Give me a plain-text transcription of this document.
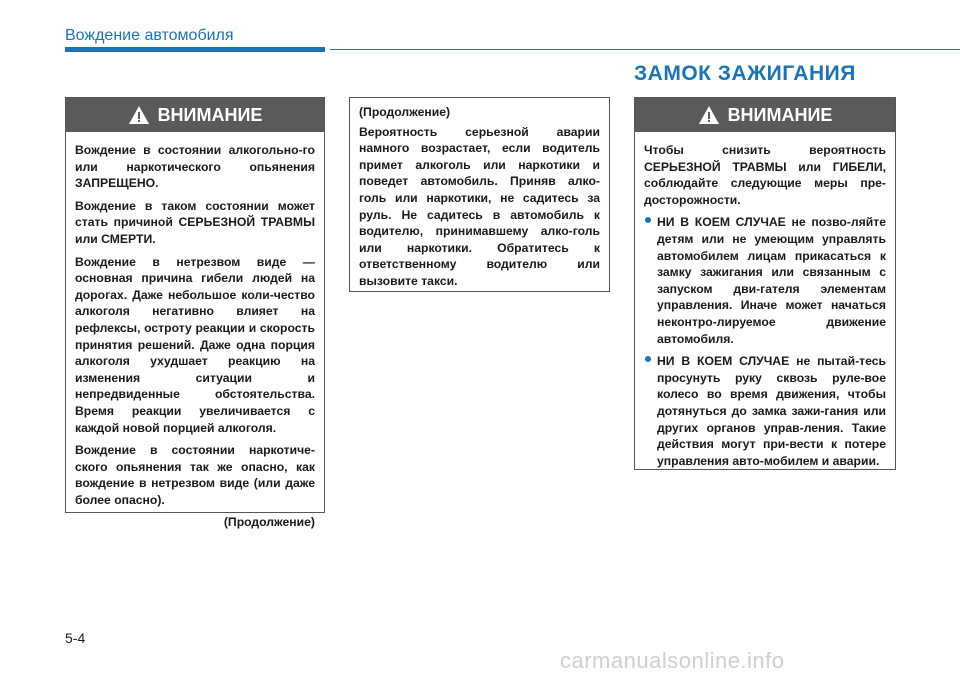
Вождение автомобиля
ЗАМОК ЗАЖИГАНИЯ
ВНИМАНИЕ

Вождение в состоянии алкогольно-го или наркотического опьянения ЗАПРЕЩЕНО.

Вождение в таком состоянии может стать причиной СЕРЬЕЗНОЙ ТРАВМЫ или СМЕРТИ.

Вождение в нетрезвом виде — основная причина гибели людей на дорогах. Даже небольшое коли-чество алкоголя негативно влияет на рефлексы, остроту реакции и скорость принятия решений. Даже одна порция алкоголя ухудшает реакцию на изменения ситуации и непредвиденные обстоятельства. Время реакции увеличивается с каждой новой порцией алкоголя.

Вождение в состоянии наркотиче-ского опьянения так же опасно, как вождение в нетрезвом виде (или даже более опасно).

(Продолжение)

(Продолжение)

Вероятность серьезной аварии намного возрастает, если водитель примет алкоголь или наркотики и поведет автомобиль. Приняв алко-голь или наркотики, не садитесь за руль. Не садитесь в автомобиль к водителю, принимавшему алко-голь или наркотики. Обратитесь к ответственному водителю или вызовите такси.

ВНИМАНИЕ

Чтобы снизить вероятность СЕРЬЕЗНОЙ ТРАВМЫ или ГИБЕЛИ, соблюдайте следующие меры пре-досторожности.

НИ В КОЕМ СЛУЧАЕ не позво-ляйте детям или не умеющим управлять автомобилем лицам прикасаться к замку зажигания или связанным с запуском дви-гателя элементам управления. Иначе может начаться неконтро-лируемое движение автомобиля.
НИ В КОЕМ СЛУЧАЕ не пытай-тесь просунуть руку сквозь руле-вое колесо во время движения, чтобы дотянуться до замка зажи-гания или других органов управ-ления. Такие действия могут при-вести к потере управления авто-мобилем и аварии.
5-4
carmanualsonline.info
